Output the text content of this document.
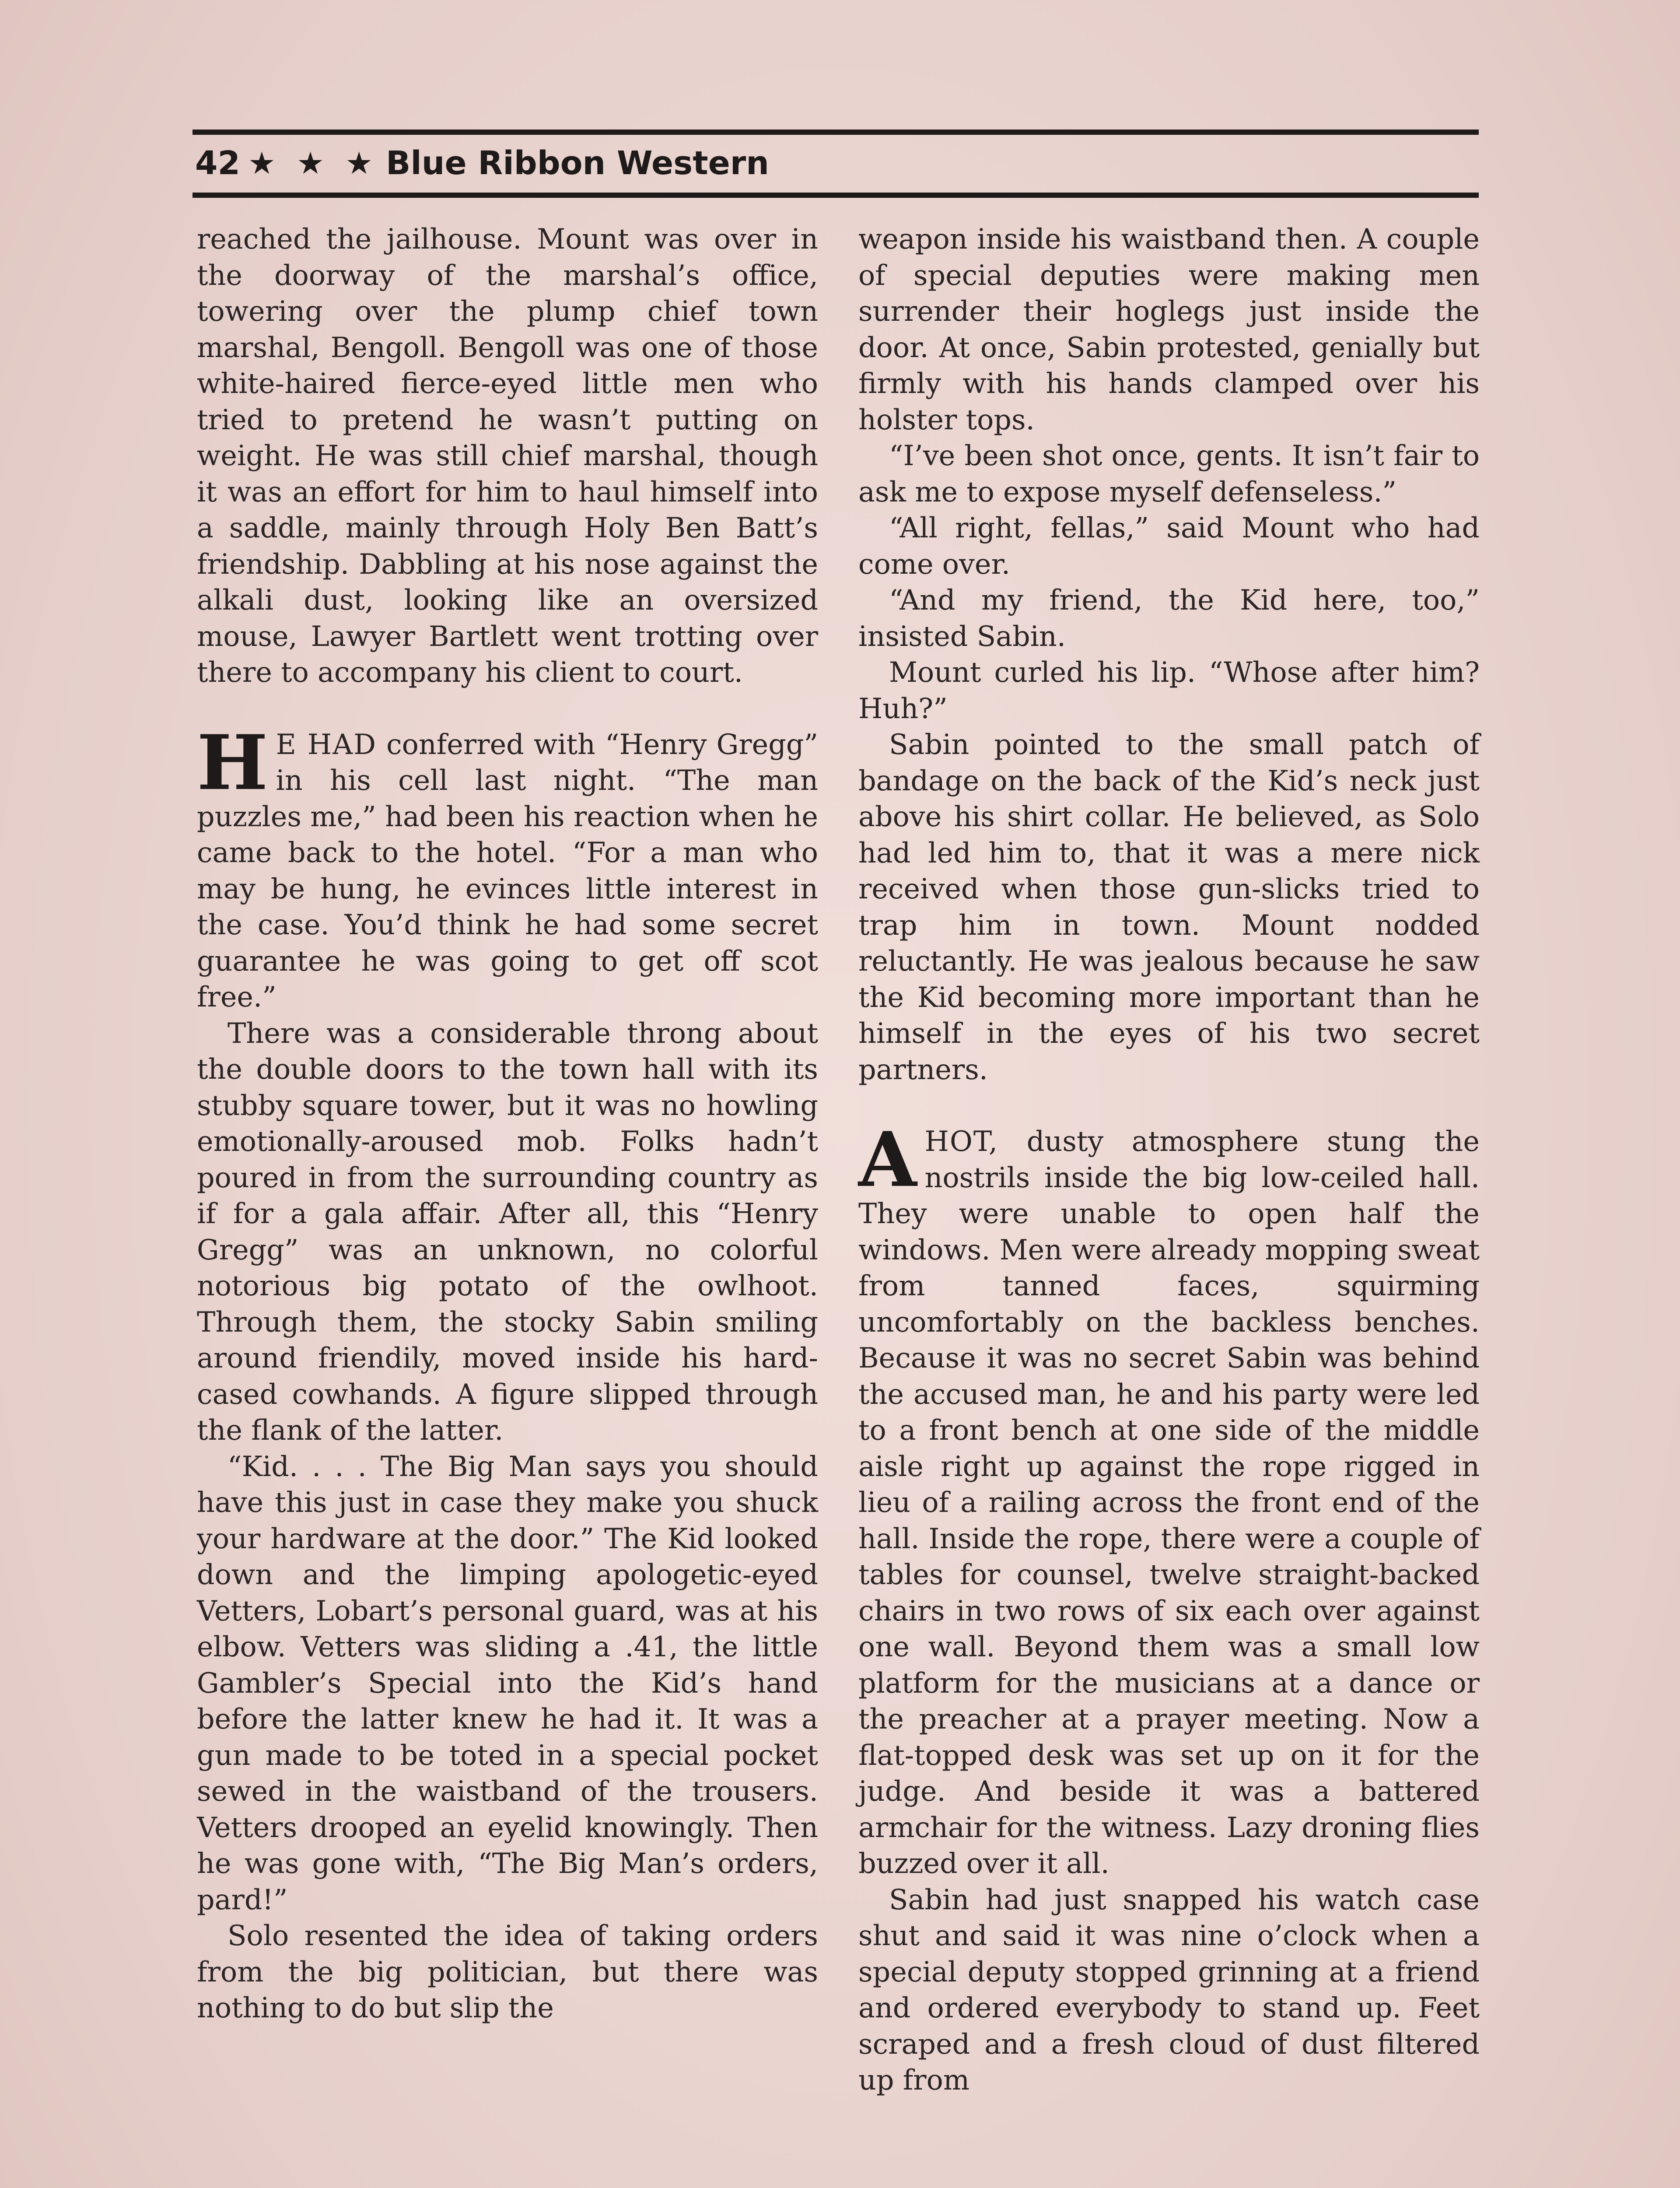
42 ★ ★ ★ Blue Ribbon Western

reached the jailhouse. Mount was over in the doorway of the marshal’s office, towering over the plump chief town marshal, Bengoll. Bengoll was one of those white-haired fierce-eyed little men who tried to pretend he wasn’t putting on weight. He was still chief marshal, though it was an effort for him to haul himself into a saddle, mainly through Holy Ben Batt’s friendship. Dabbling at his nose against the alkali dust, looking like an oversized mouse, Lawyer Bartlett went trotting over there to accompany his client to court.

H E HAD conferred with “Henry Gregg” in his cell last night. “The man puzzles me,” had been his reaction when he came back to the hotel. “For a man who may be hung, he evinces little interest in the case. You’d think he had some secret guarantee he was going to get off scot free.”

There was a considerable throng about the double doors to the town hall with its stubby square tower, but it was no howling emotionally-aroused mob. Folks hadn’t poured in from the surrounding country as if for a gala affair. After all, this “Henry Gregg” was an unknown, no colorful notorious big potato of the owlhoot. Through them, the stocky Sabin smiling around friendily, moved inside his hard-cased cowhands. A figure slipped through the flank of the latter.

“Kid. . . . The Big Man says you should have this just in case they make you shuck your hardware at the door.” The Kid looked down and the limping apologetic-eyed Vetters, Lobart’s personal guard, was at his elbow. Vetters was sliding a .41, the little Gambler’s Special into the Kid’s hand before the latter knew he had it. It was a gun made to be toted in a special pocket sewed in the waistband of the trousers. Vetters drooped an eyelid knowingly. Then he was gone with, “The Big Man’s orders, pard!”

Solo resented the idea of taking orders from the big politician, but there was nothing to do but slip the

weapon inside his waistband then. A couple of special deputies were making men surrender their hoglegs just inside the door. At once, Sabin protested, genially but firmly with his hands clamped over his holster tops.

“I’ve been shot once, gents. It isn’t fair to ask me to expose myself defenseless.”

“All right, fellas,” said Mount who had come over.

“And my friend, the Kid here, too,” insisted Sabin.

Mount curled his lip. “Whose after him? Huh?”

Sabin pointed to the small patch of bandage on the back of the Kid’s neck just above his shirt collar. He believed, as Solo had led him to, that it was a mere nick received when those gun-slicks tried to trap him in town. Mount nodded reluctantly. He was jealous because he saw the Kid becoming more important than he himself in the eyes of his two secret partners.

AHOT, dusty atmosphere stung the nostrils inside the big low-ceiled hall. They were unable to open half the windows. Men were already mopping sweat from tanned faces, squirming uncomfortably on the backless benches. Because it was no secret Sabin was behind the accused man, he and his party were led to a front bench at one side of the middle aisle right up against the rope rigged in lieu of a railing across the front end of the hall. Inside the rope, there were a couple of tables for counsel, twelve straight-backed chairs in two rows of six each over against one wall. Beyond them was a small low platform for the musicians at a dance or the preacher at a prayer meeting. Now a flat-topped desk was set up on it for the judge. And beside it was a battered armchair for the witness. Lazy droning flies buzzed over it all.

Sabin had just snapped his watch case shut and said it was nine o’clock when a special deputy stopped grinning at a friend and ordered everybody to stand up. Feet scraped and a fresh cloud of dust filtered up from
